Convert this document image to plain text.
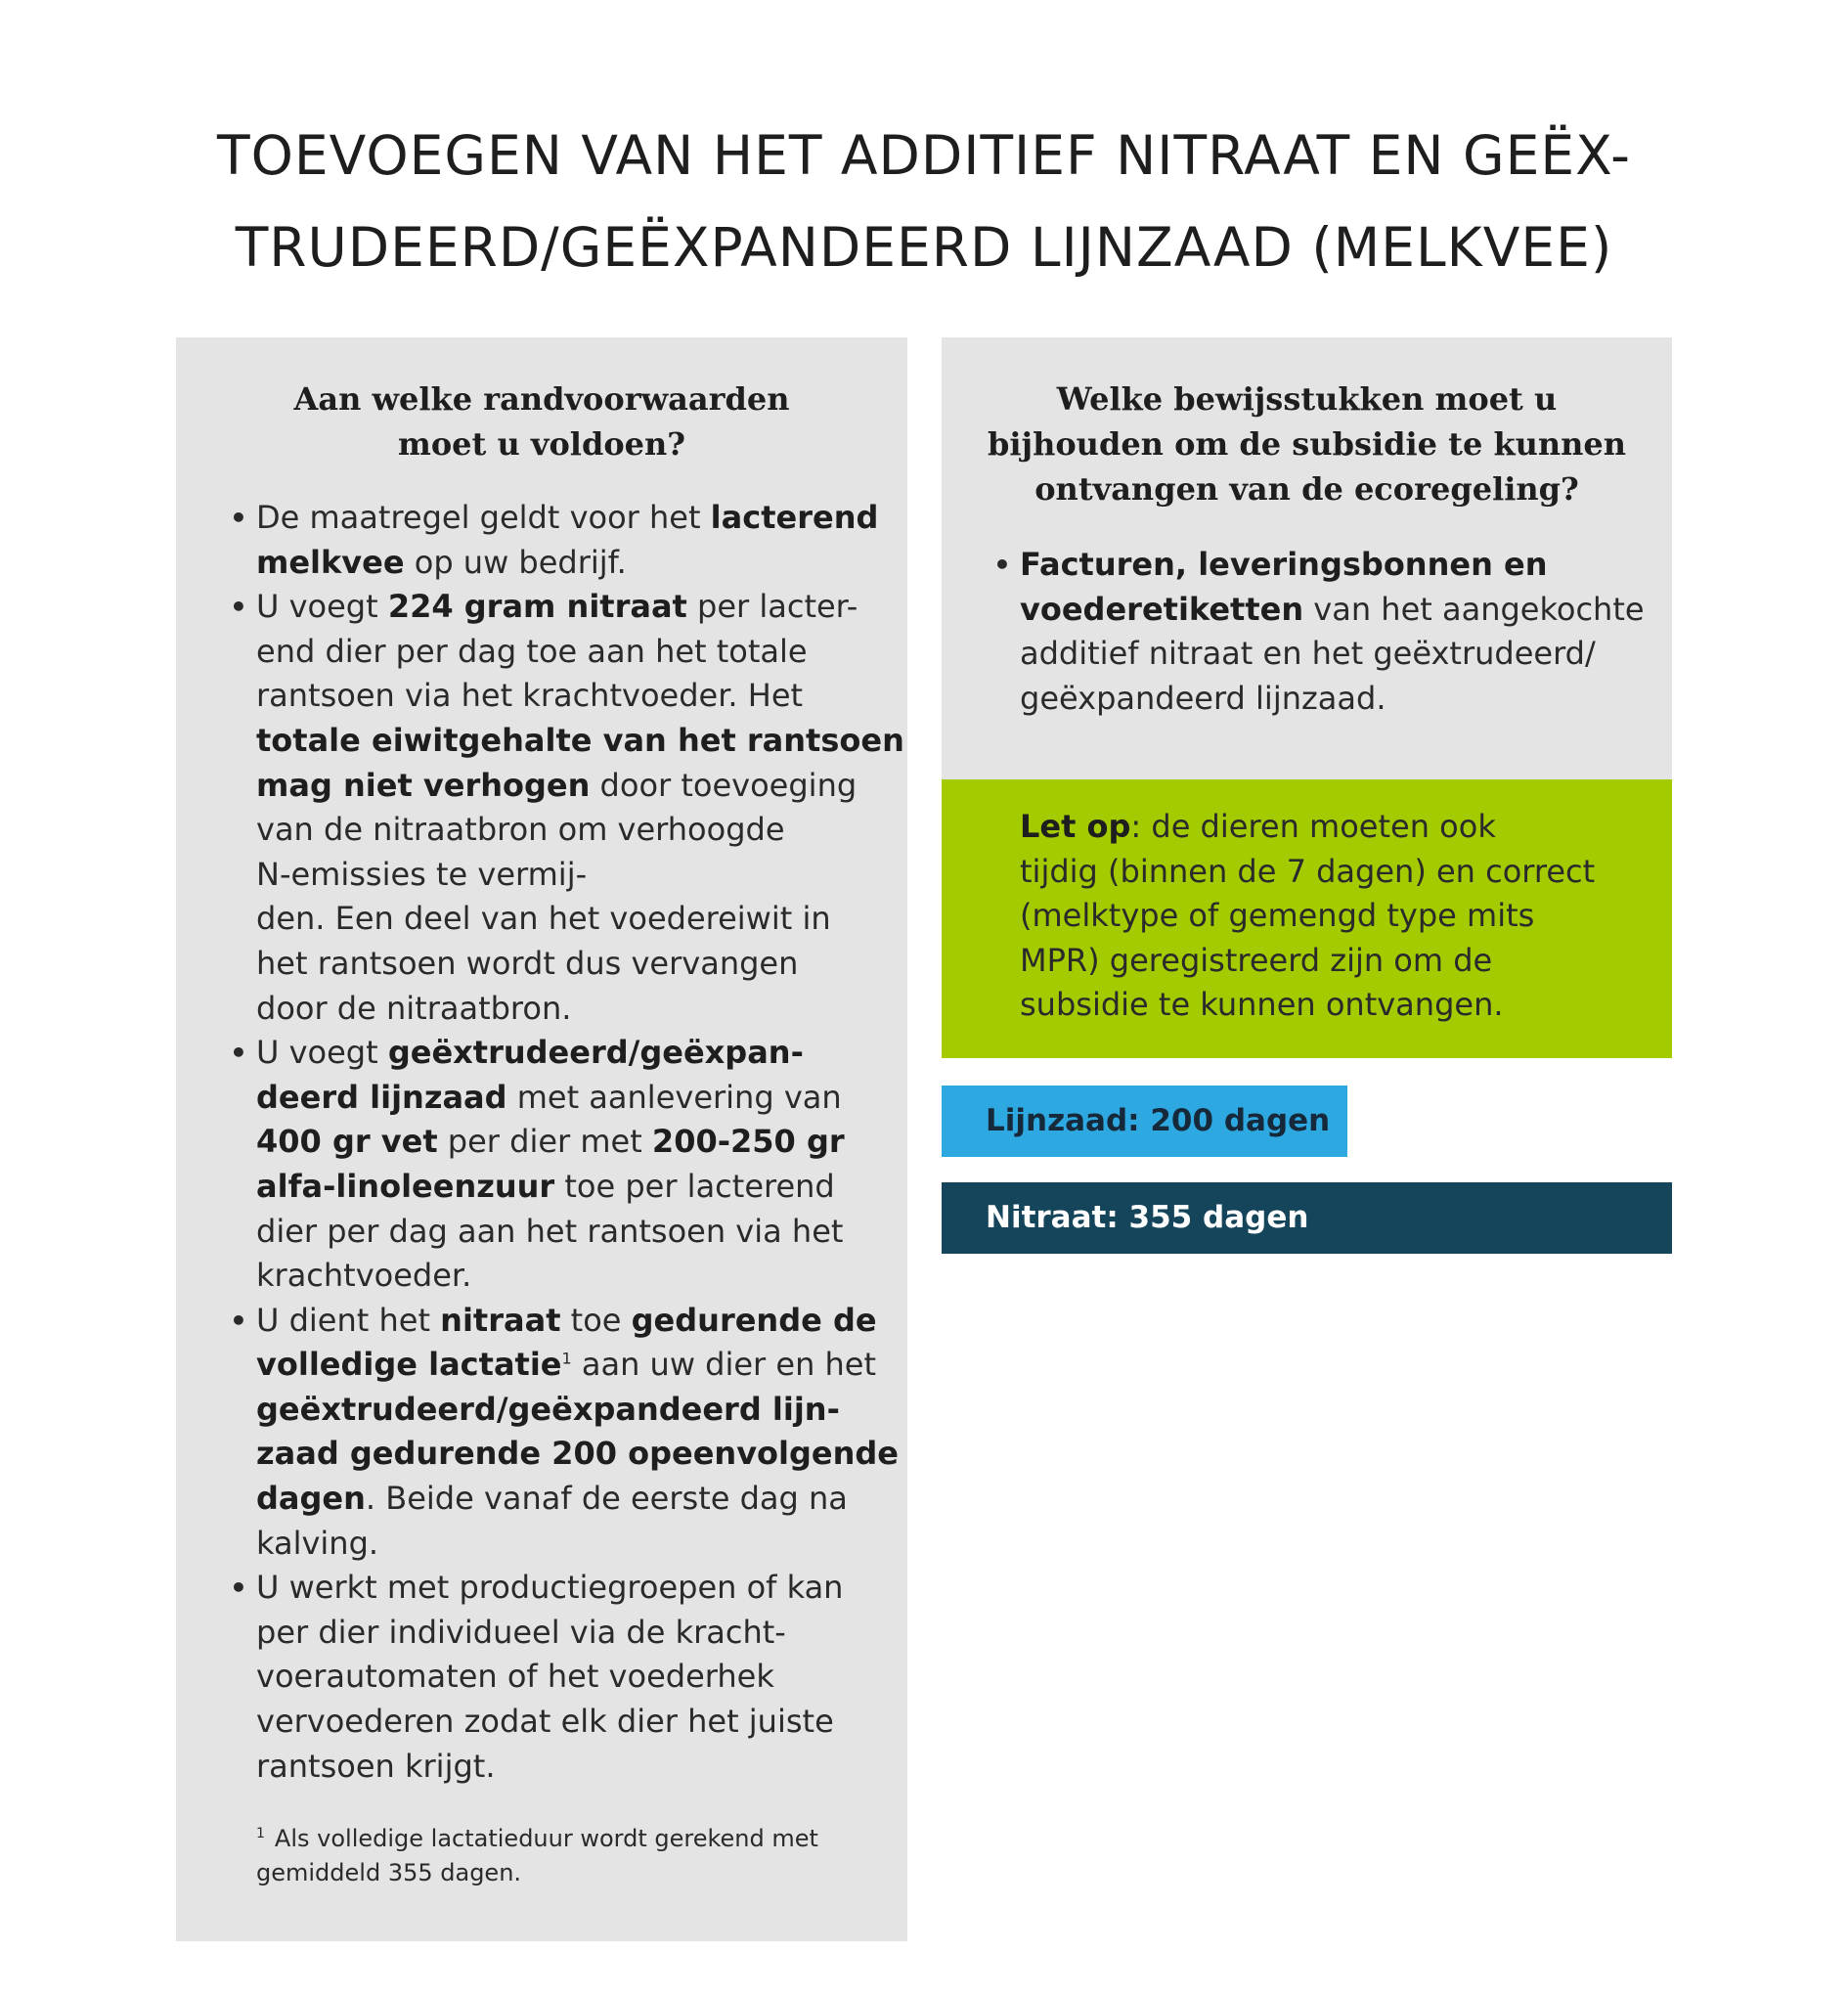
TOEVOEGEN VAN HET ADDITIEF NITRAAT EN GEËX-
TRUDEERD/GEËXPANDEERD LIJNZAAD (MELKVEE)
Aan welke randvoorwaarden
moet u voldoen?
• De maatregel geldt voor het lacterend
melkvee op uw bedrijf.
• U voegt 224 gram nitraat per lacter-
end dier per dag toe aan het totale
rantsoen via het krachtvoeder. Het
totale eiwitgehalte van het rantsoen
mag niet verhogen door toevoeging
van de nitraatbron om verhoogde
N-emissies te vermij-
den. Een deel van het voedereiwit in
het rantsoen wordt dus vervangen
door de nitraatbron.
• U voegt geëxtrudeerd/geëxpan-
deerd lijnzaad met aanlevering van
400 gr vet per dier met 200-250 gr
alfa-linoleenzuur toe per lacterend
dier per dag aan het rantsoen via het
krachtvoeder.
• U dient het nitraat toe gedurende de
volledige lactatie$^1$ aan uw dier en het
geëxtrudeerd/geëxpandeerd lijn-
zaad gedurende 200 opeenvolgende
dagen. Beide vanaf de eerste dag na
kalving.
• U werkt met productiegroepen of kan
per dier individueel via de kracht-
voerautomaten of het voederhek
vervoederen zodat elk dier het juiste
rantsoen krijgt.
$^1$ Als volledige lactatieduur wordt gerekend met
gemiddeld 355 dagen.
Welke bewijsstukken moet u
bijhouden om de subsidie te kunnen
ontvangen van de ecoregeling?
• Facturen, leveringsbonnen en
voederetiketten van het aangekochte
additief nitraat en het geëxtrudeerd/
geëxpandeerd lijnzaad.
Let op: de dieren moeten ook
tijdig (binnen de 7 dagen) en correct
(melktype of gemengd type mits
MPR) geregistreerd zijn om de
subsidie te kunnen ontvangen.
Lijnzaad: 200 dagen
Nitraat: 355 dagen
